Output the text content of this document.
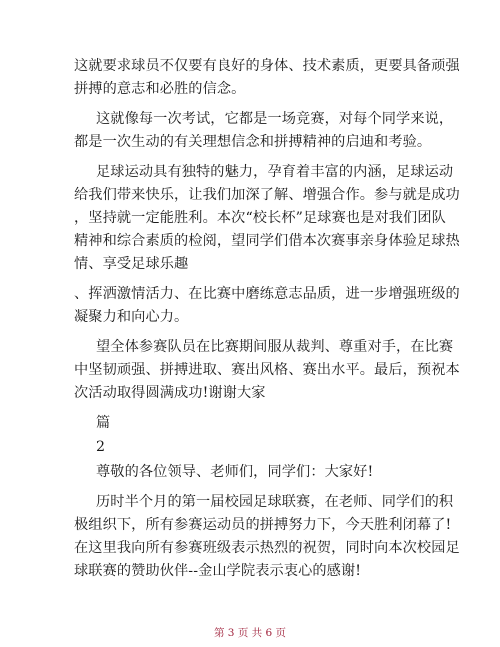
这就要求球员不仅要有良好的身体、技术素质，更要具备顽强
拼搏的意志和必胜的信念。
这就像每一次考试，它都是一场竞赛，对每个同学来说，
都是一次生动的有关理想信念和拼搏精神的启迪和考验。
足球运动具有独特的魅力，孕育着丰富的内涵，足球运动
给我们带来快乐，让我们加深了解、增强合作。参与就是成功
，坚持就一定能胜利。本次“校长杯”足球赛也是对我们团队
精神和综合素质的检阅，望同学们借本次赛事亲身体验足球热
情、享受足球乐趣
、挥洒激情活力、在比赛中磨练意志品质，进一步增强班级的
凝聚力和向心力。
望全体参赛队员在比赛期间服从裁判、尊重对手，在比赛
中坚韧顽强、拼搏进取、赛出风格、赛出水平。最后，预祝本
次活动取得圆满成功!谢谢大家
篇
2
尊敬的各位领导、老师们，同学们：大家好!
历时半个月的第一届校园足球联赛，在老师、同学们的积
极组织下，所有参赛运动员的拼搏努力下，今天胜利闭幕了!
在这里我向所有参赛班级表示热烈的祝贺，同时向本次校园足
球联赛的赞助伙伴--金山学院表示衷心的感谢!
第 3 页 共 6 页
